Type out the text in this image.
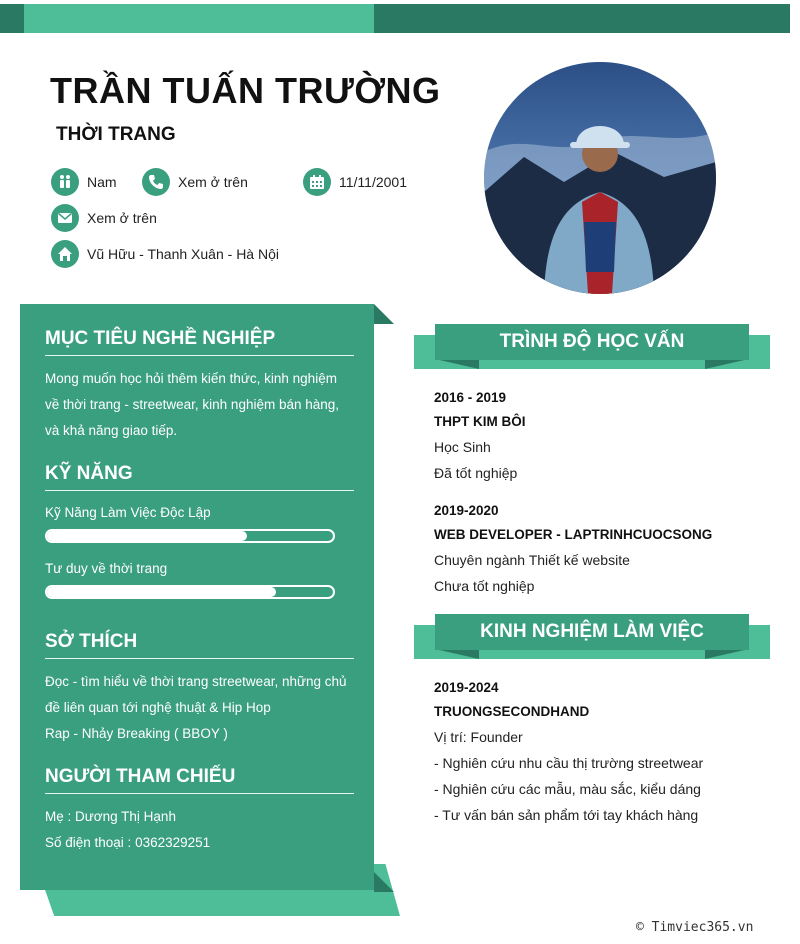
TRẦN TUẤN TRƯỜNG
THỜI TRANG
Nam	Xem ở trên	11/11/2001
Xem ở trên
Vũ Hữu - Thanh Xuân - Hà Nội
MỤC TIÊU NGHỀ NGHIỆP
Mong muốn học hỏi thêm kiến thức, kinh nghiệm
về thời trang - streetwear, kinh nghiệm bán hàng,
và khả năng giao tiếp.
KỸ NĂNG
Kỹ Năng Làm Việc Độc Lập
Tư duy về thời trang
SỞ THÍCH
Đọc - tìm hiểu về thời trang streetwear, những chủ
đề liên quan tới nghệ thuật & Hip Hop
Rap - Nhảy Breaking ( BBOY )
NGƯỜI THAM CHIẾU
Mẹ : Dương Thị Hạnh
Số điện thoại : 0362329251
TRÌNH ĐỘ HỌC VẤN
2016 - 2019
THPT KIM BÔI
Học Sinh
Đã tốt nghiệp
2019-2020
WEB DEVELOPER - LAPTRINHCUOCSONG
Chuyên ngành Thiết kế website
Chưa tốt nghiệp
KINH NGHIỆM LÀM VIỆC
2019-2024
TRUONGSECONDHAND
Vị trí: Founder
- Nghiên cứu nhu cầu thị trường streetwear
- Nghiên cứu các mẫu, màu sắc, kiểu dáng
- Tư vấn bán sản phẩm tới tay khách hàng
© Timviec365.vn
